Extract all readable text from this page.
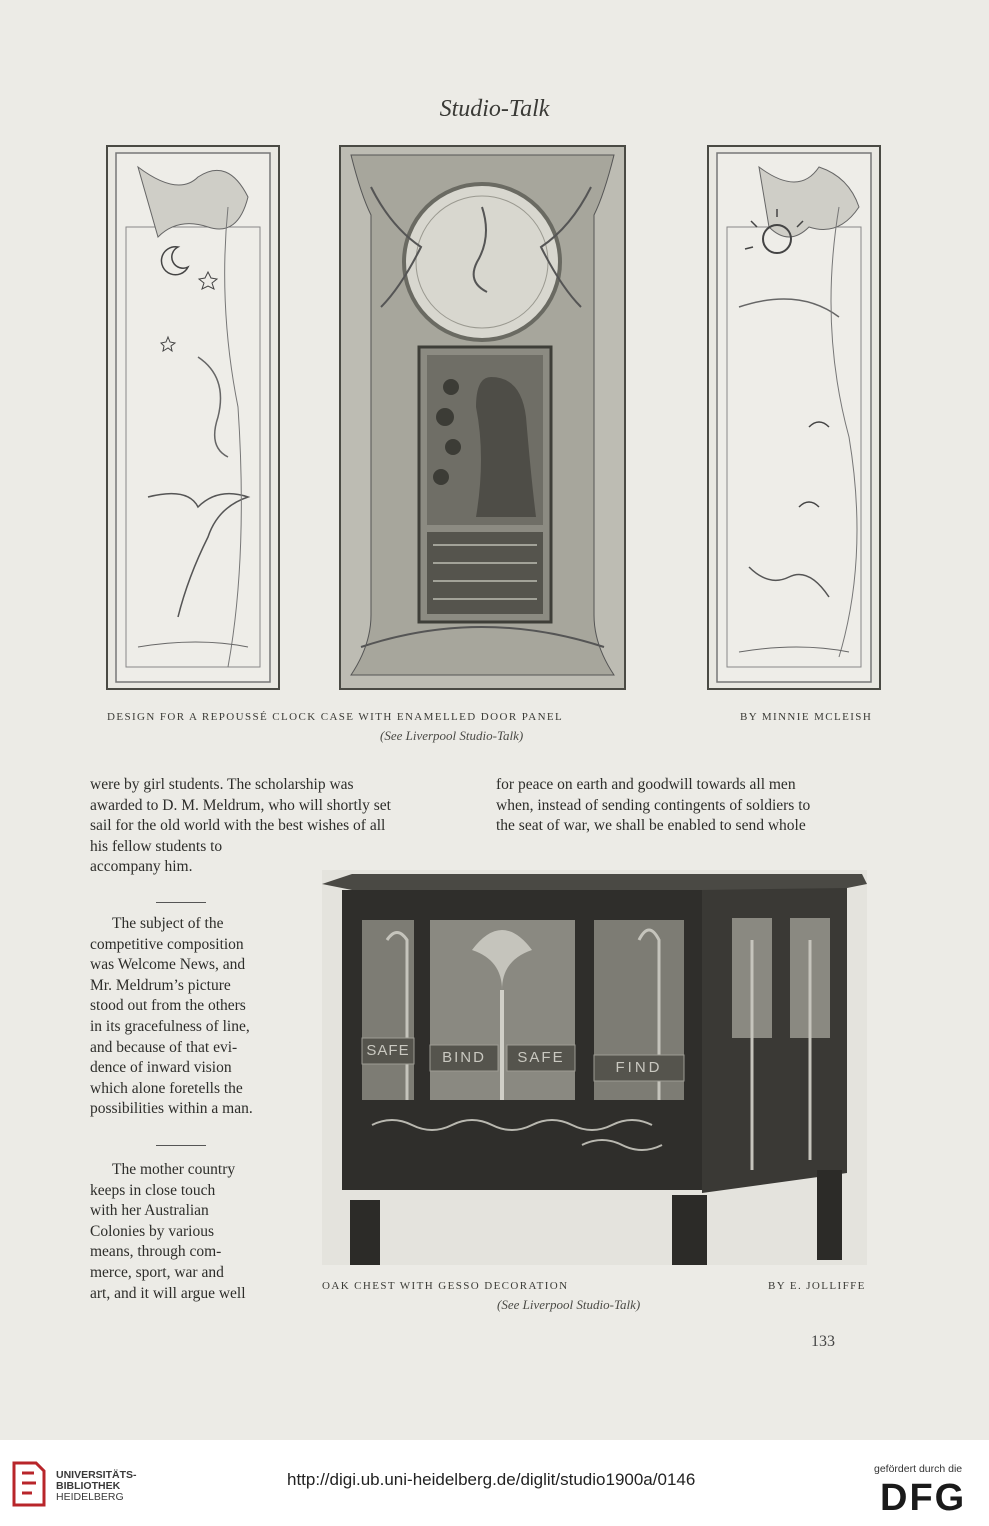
Studio-Talk
DESIGN FOR A REPOUSSÉ CLOCK CASE WITH ENAMELLED DOOR PANEL	BY MINNIE MCLEISH
(See Liverpool Studio-Talk)

were by girl students. The scholarship was

awarded to D. M. Meldrum, who will shortly set

sail for the old world with the best wishes of all

his fellow students to

accompany him.

for peace on earth and goodwill towards all men

when, instead of sending contingents of soldiers to

the seat of war, we shall be enabled to send whole

The subject of the

competitive composition

was Welcome News, and

Mr. Meldrum’s picture

stood out from the others

in its gracefulness of line,

and because of that evi-

dence of inward vision

which alone foretells the

possibilities within a man.

The mother country

keeps in close touch

with her Australian

Colonies by various

means, through com-

merce, sport, war and

art, and it will argue well

SAFE	BIND	SAFE
FIND
OAK CHEST WITH GESSO DECORATION	BY E. JOLLIFFE
(See Liverpool Studio-Talk)
133
UNIVERSITÄTS-
BIBLIOTHEK
HEIDELBERG
http://digi.ub.uni-heidelberg.de/diglit/studio1900a/0146
gefördert durch die
DFG
